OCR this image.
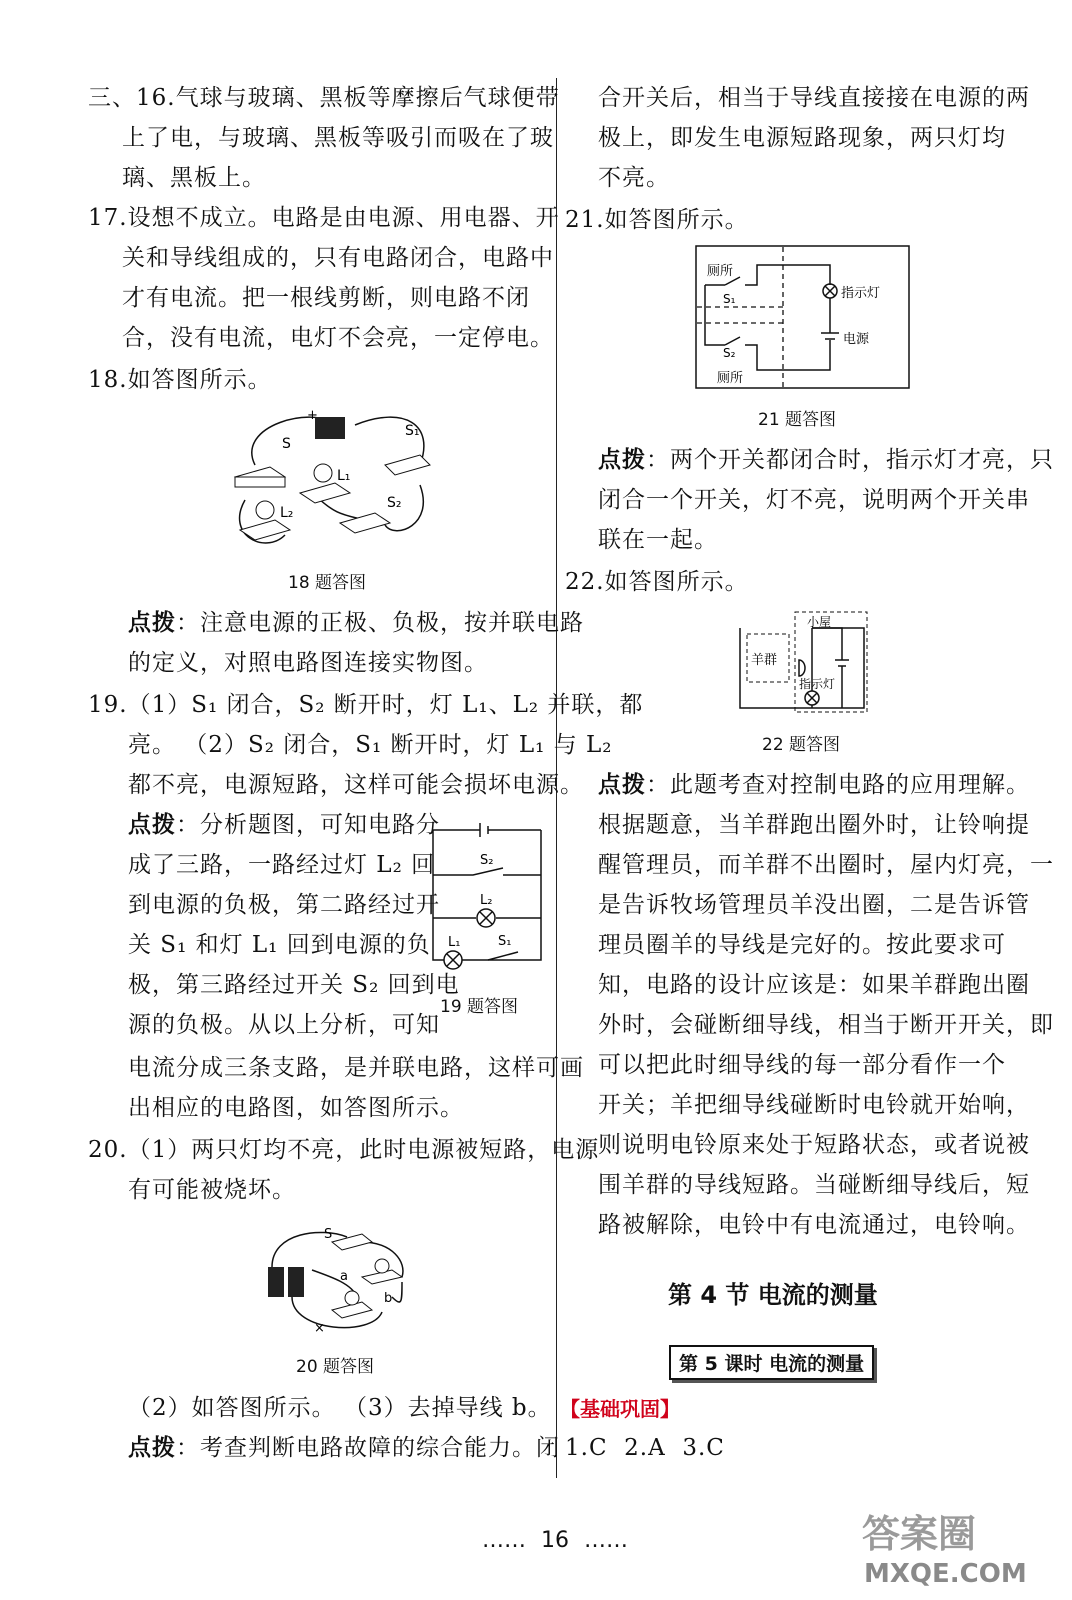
三、16.气球与玻璃、黑板等摩擦后气球便带
上了电，与玻璃、黑板等吸引而吸在了玻
璃、黑板上。
17.设想不成立。电路是由电源、用电器、开
关和导线组成的，只有电路闭合，电路中
才有电流。把一根线剪断，则电路不闭
合，没有电流，电灯不会亮，一定停电。
18.如答图所示。
+
S
S₁
L₁
L₂
S₂
18 题答图
点拨：注意电源的正极、负极，按并联电路
的定义，对照电路图连接实物图。
19.（1）S₁ 闭合，S₂ 断开时，灯 L₁、L₂ 并联，都
亮。 （2）S₂ 闭合，S₁ 断开时，灯 L₁ 与 L₂
都不亮，电源短路，这样可能会损坏电源。
点拨：分析题图，可知电路分
成了三路，一路经过灯 L₂ 回
到电源的负极，第二路经过开
关 S₁ 和灯 L₁ 回到电源的负
极，第三路经过开关 S₂ 回到电
源的负极。从以上分析，可知
S₂
L₂
L₁	S₁
19 题答图
电流分成三条支路，是并联电路，这样可画
出相应的电路图，如答图所示。
20.（1）两只灯均不亮，此时电源被短路，电源
有可能被烧坏。
S
a
b
×
20 题答图
（2）如答图所示。 （3）去掉导线 b。
点拨：考查判断电路故障的综合能力。闭
合开关后，相当于导线直接接在电源的两
极上，即发生电源短路现象，两只灯均
不亮。
21.如答图所示。
厕所
S₁
S₂
厕所
指示灯
电源
21 题答图
点拨：两个开关都闭合时，指示灯才亮，只
闭合一个开关，灯不亮，说明两个开关串
联在一起。
22.如答图所示。
小屋
羊群
指示灯
22 题答图
点拨：此题考查对控制电路的应用理解。
根据题意，当羊群跑出圈外时，让铃响提
醒管理员，而羊群不出圈时，屋内灯亮，一
是告诉牧场管理员羊没出圈，二是告诉管
理员圈羊的导线是完好的。按此要求可
知，电路的设计应该是：如果羊群跑出圈
外时，会碰断细导线，相当于断开开关，即
可以把此时细导线的每一部分看作一个
开关；羊把细导线碰断时电铃就开始响，
则说明电铃原来处于短路状态，或者说被
围羊群的导线短路。当碰断细导线后，短
路被解除，电铃中有电流通过，电铃响。
第 4 节 电流的测量
第 5 课时 电流的测量
【基础巩固】
1.C  2.A  3.C
…… 16 ……	答案圈
MXQE.COM
